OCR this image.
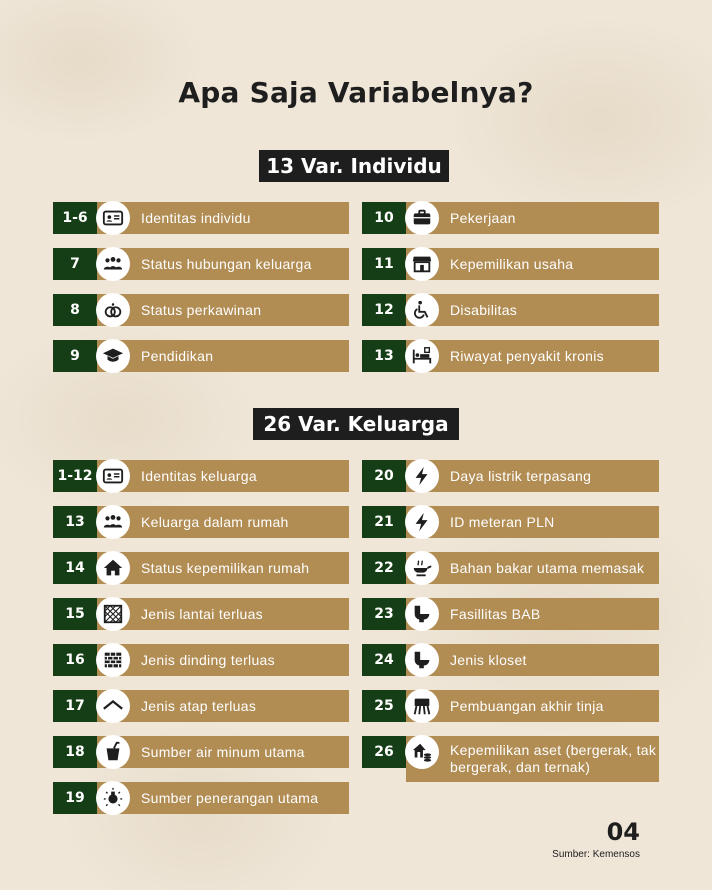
Apa Saja Variabelnya?
13 Var. Individu
1-6	Identitas individu
7	Status hubungan keluarga
8	Status perkawinan
9	Pendidikan
10	Pekerjaan
11	Kepemilikan usaha
12	Disabilitas
13	Riwayat penyakit kronis
26 Var. Keluarga
1-12	Identitas keluarga
13	Keluarga dalam rumah
14	Status kepemilikan rumah
15	Jenis lantai terluas
16	Jenis dinding terluas
17	Jenis atap terluas
18	Sumber air minum utama
19	Sumber penerangan utama
20	Daya listrik terpasang
21	ID meteran PLN
22	Bahan bakar utama memasak
23	Fasillitas BAB
24	Jenis kloset
25	Pembuangan akhir tinja
26	Kepemilikan aset (bergerak, tak bergerak, dan ternak)
04
Sumber: Kemensos
